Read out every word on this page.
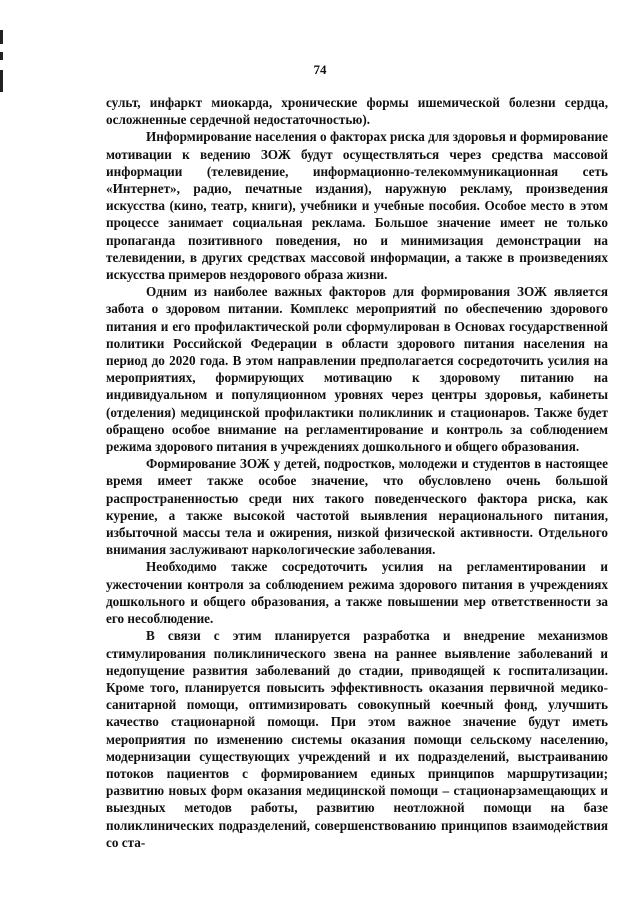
74

сульт, инфаркт миокарда, хронические формы ишемической болезни сердца, осложненные сердечной недостаточностью).

Информирование населения о факторах риска для здоровья и формирование мотивации к ведению ЗОЖ будут осуществляться через средства массовой информации (телевидение, информационно-телекоммуникационная сеть «Интернет», радио, печатные издания), наружную рекламу, произведения искусства (кино, театр, книги), учебники и учебные пособия. Особое место в этом процессе занимает социальная реклама. Большое значение имеет не только пропаганда позитивного поведения, но и минимизация демонстрации на телевидении, в других средствах массовой информации, а также в произведениях искусства примеров нездорового образа жизни.

Одним из наиболее важных факторов для формирования ЗОЖ является забота о здоровом питании. Комплекс мероприятий по обеспечению здорового питания и его профилактической роли сформулирован в Основах государственной политики Российской Федерации в области здорового питания населения на период до 2020 года. В этом направлении предполагается сосредоточить усилия на мероприятиях, формирующих мотивацию к здоровому питанию на индивидуальном и популяционном уровнях через центры здоровья, кабинеты (отделения) медицинской профилактики поликлиник и стационаров. Также будет обращено особое внимание на регламентирование и контроль за соблюдением режима здорового питания в учреждениях дошкольного и общего образования.

Формирование ЗОЖ у детей, подростков, молодежи и студентов в настоящее время имеет также особое значение, что обусловлено очень большой распространенностью среди них такого поведенческого фактора риска, как курение, а также высокой частотой выявления нерационального питания, избыточной массы тела и ожирения, низкой физической активности. Отдельного внимания заслуживают наркологические заболевания.

Необходимо также сосредоточить усилия на регламентировании и ужесточении контроля за соблюдением режима здорового питания в учреждениях дошкольного и общего образования, а также повышении мер ответственности за его несоблюдение.

В связи с этим планируется разработка и внедрение механизмов стимулирования поликлинического звена на раннее выявление заболеваний и недопущение развития заболеваний до стадии, приводящей к госпитализации. Кроме того, планируется повысить эффективность оказания первичной медико-санитарной помощи, оптимизировать совокупный коечный фонд, улучшить качество стационарной помощи. При этом важное значение будут иметь мероприятия по изменению системы оказания помощи сельскому населению, модернизации существующих учреждений и их подразделений, выстраиванию потоков пациентов с формированием единых принципов маршрутизации; развитию новых форм оказания медицинской помощи – стационарзамещающих и выездных методов работы, развитию неотложной помощи на базе поликлинических подразделений, совершенствованию принципов взаимодействия со ста-
